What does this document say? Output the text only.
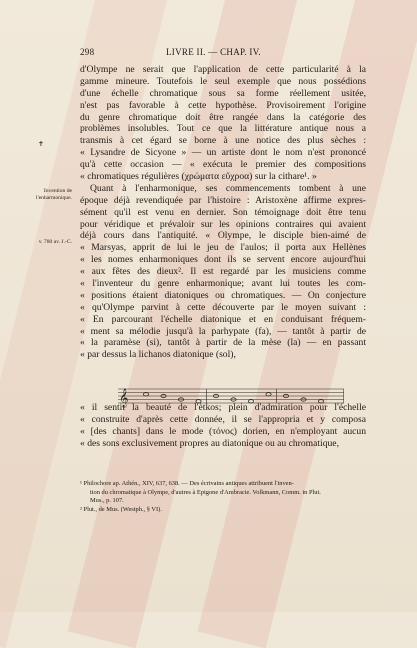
✝
298	LIVRE II. — CHAP. IV.
Invention de l'enharmonique.
v. 780 av. J.-C.
d'Olympe ne serait que l'application de cette particularité à la
gamme mineure. Toutefois le seul exemple que nous possédions
d'une échelle chromatique sous sa forme réellement usitée,
n'est pas favorable à cette hypothèse. Provisoirement l'origine
du genre chromatique doit être rangée dans la catégorie des
problèmes insolubles. Tout ce que la littérature antique nous a
transmis à cet égard se borne à une notice des plus sèches :
« Lysandre de Sicyone » — un artiste dont le nom n'est prononcé
qu'à cette occasion — « exécuta le premier des compositions
« chromatiques régulières (χρώματα εὔχροα) sur la cithare¹. »
Quant à l'enharmonique, ses commencements tombent à une
époque déjà revendiquée par l'histoire : Aristoxène affirme expres-
sément qu'il est venu en dernier. Son témoignage doit être tenu
pour véridique et prévaloir sur les opinions contraires qui avaient
déjà cours dans l'antiquité. « Olympe, le disciple bien-aimé de
« Marsyas, apprit de lui le jeu de l'aulos; il porta aux Hellènes
« les nomes enharmoniques dont ils se servent encore aujourd'hui
« aux fêtes des dieux². Il est regardé par les musiciens comme
« l'inventeur du genre enharmonique; avant lui toutes les com-
« positions étaient diatoniques ou chromatiques. — On conjecture
« qu'Olympe parvint à cette découverte par le moyen suivant :
« En parcourant l'échelle diatonique et en conduisant fréquem-
« ment sa mélodie jusqu'à la parhypate (fa), — tantôt à partir de
« la paramèse (si), tantôt à partir de la mèse (la) — en passant
« par dessus la lichanos diatonique (sol),
« il sentit la beauté de l'ètkos; plein d'admiration pour l'échelle
« construite d'après cette donnée, il se l'appropria et y composa
« [des chants] dans le mode (τόνος) dorien, en n'employant aucun
« des sons exclusivement propres au diatonique ou au chromatique,
𝄞
¹ Philochore ap. Athén., XIV, 637, 638. — Des écrivains antiques attribuent l'inven-
tion du chromatique à Olympe, d'autres à Epigone d'Ambracie. Volkmann, Comm. in Plut.
Mus., p. 107.
² Plut., de Mus. (Westph., § VI).
